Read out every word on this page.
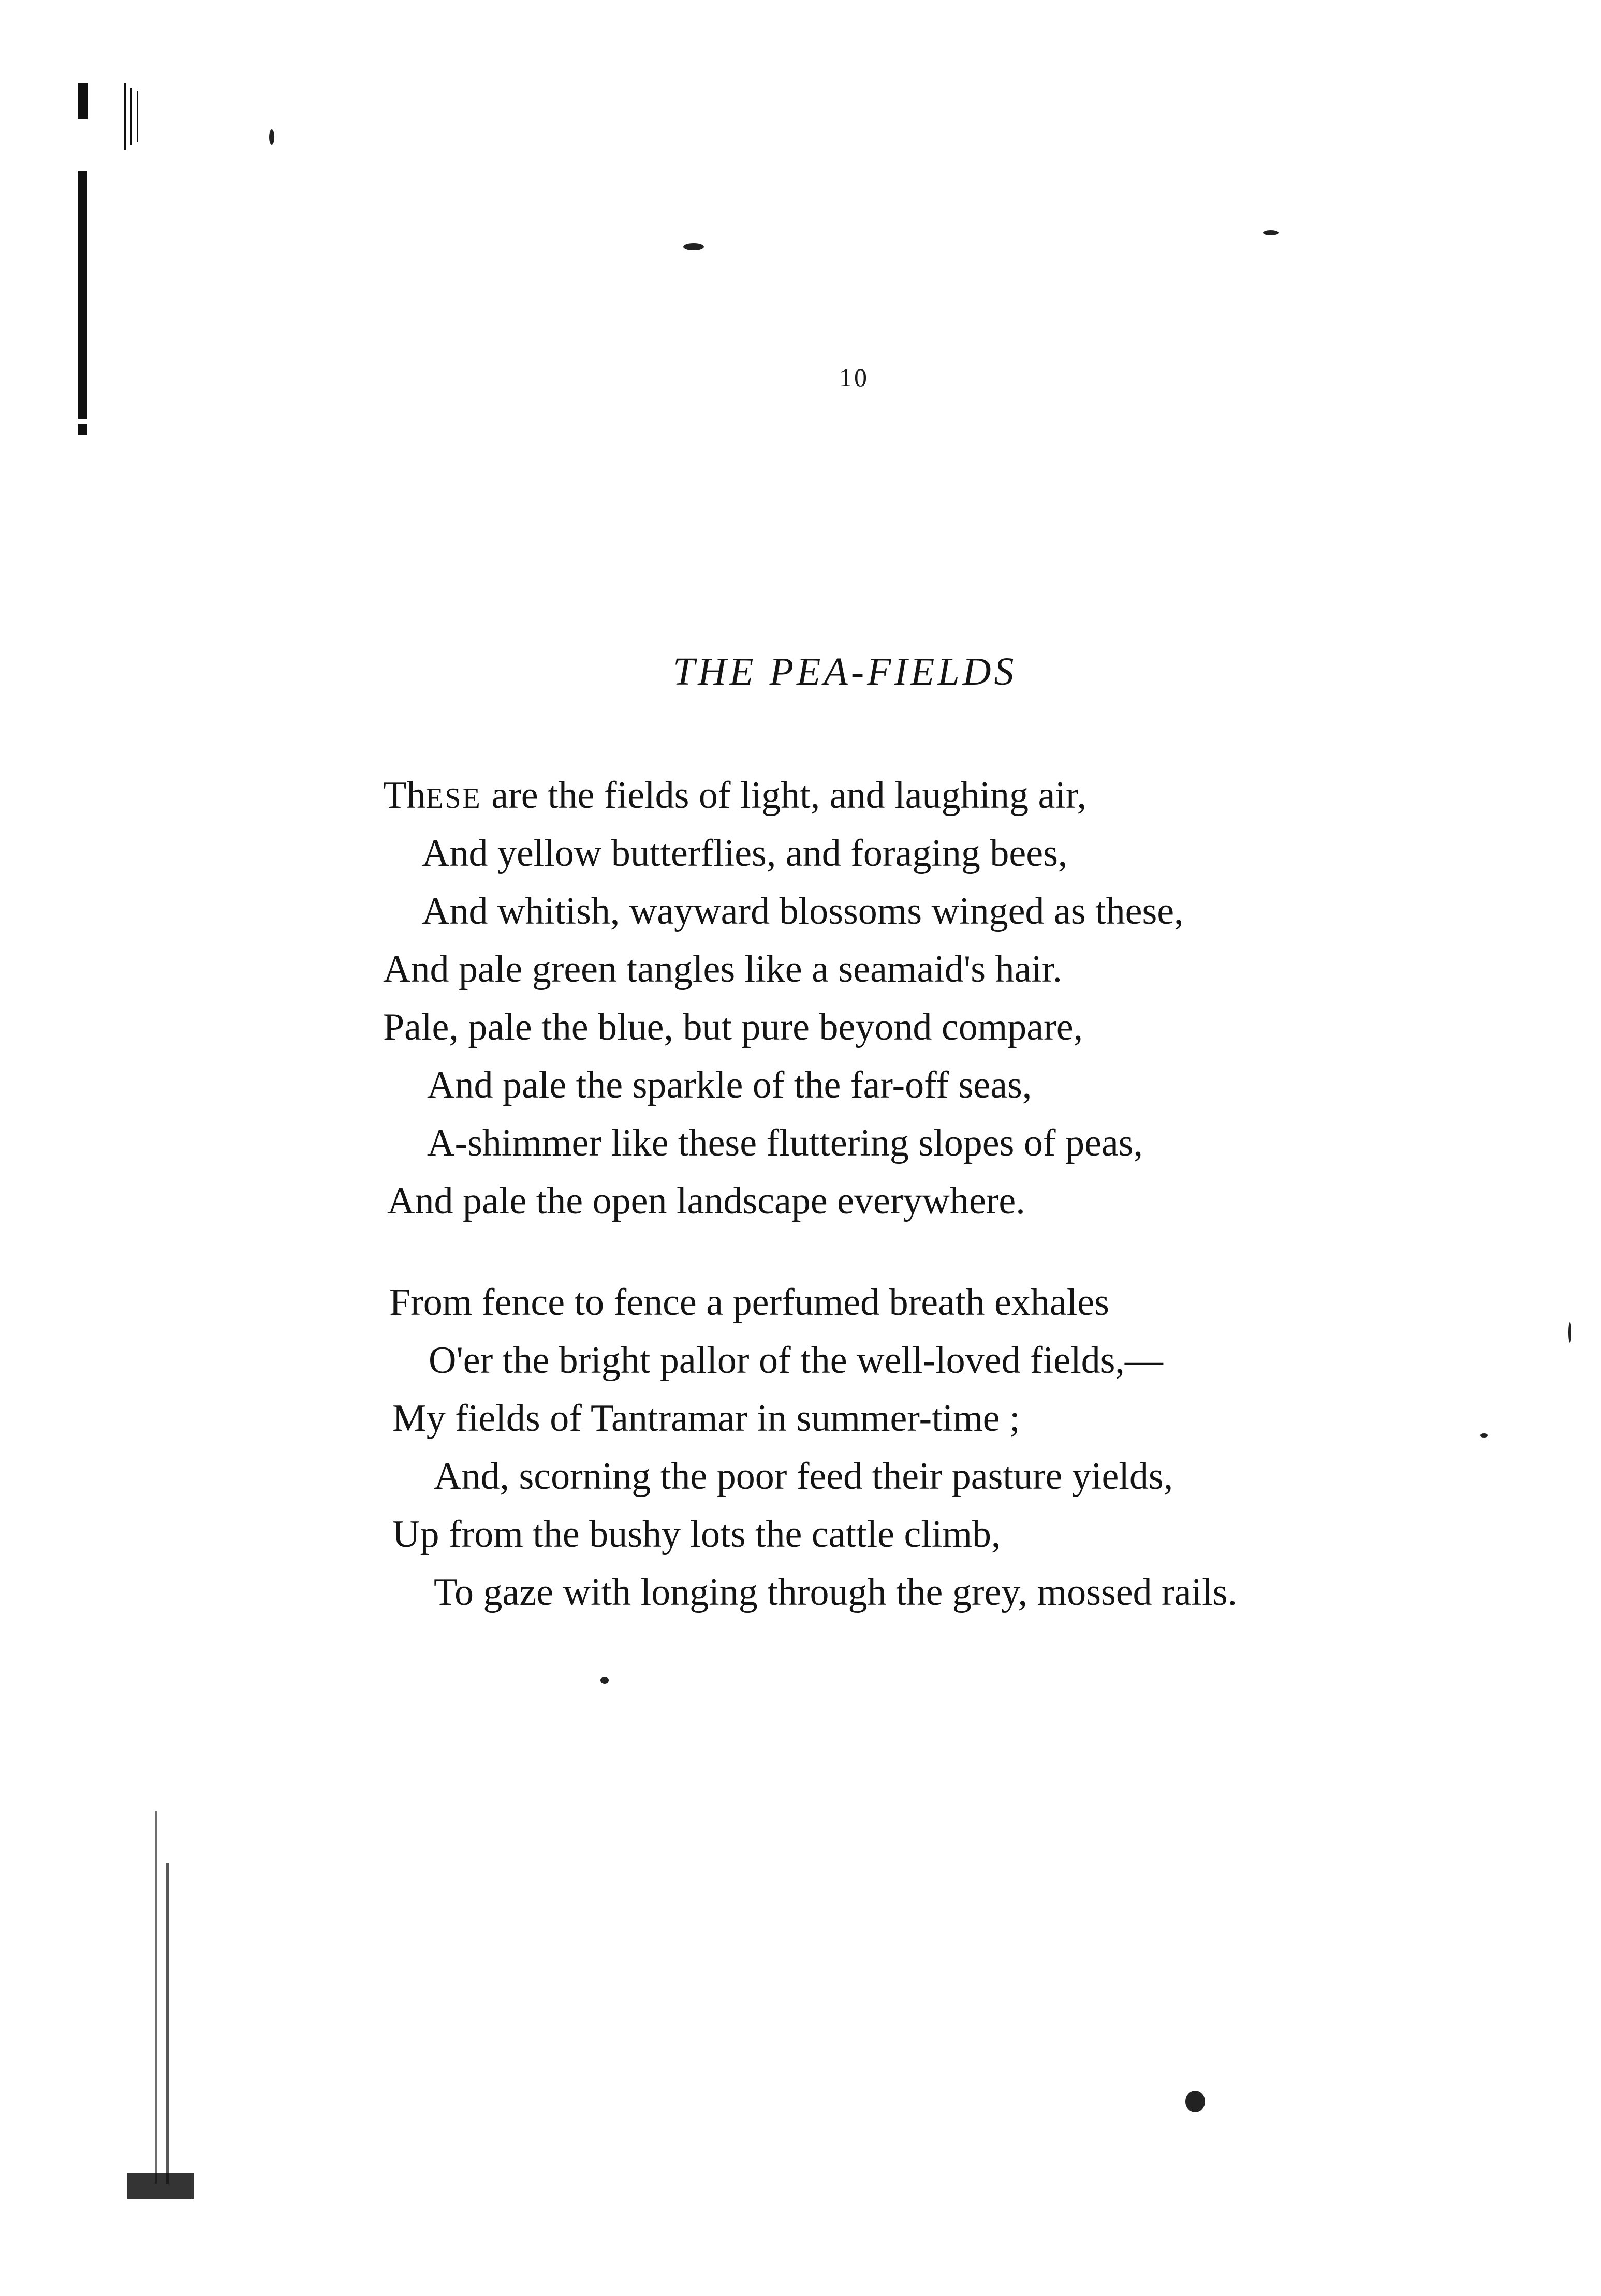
10
THE PEA-FIELDS
ThESE are the fields of light, and laughing air,
And yellow butterflies, and foraging bees,
And whitish, wayward blossoms winged as these,
And pale green tangles like a seamaid's hair.
Pale, pale the blue, but pure beyond compare,
And pale the sparkle of the far-off seas,
A-shimmer like these fluttering slopes of peas,
And pale the open landscape everywhere.
From fence to fence a perfumed breath exhales
O'er the bright pallor of the well-loved fields,—
My fields of Tantramar in summer-time ;
And, scorning the poor feed their pasture yields,
Up from the bushy lots the cattle climb,
To gaze with longing through the grey, mossed rails.
